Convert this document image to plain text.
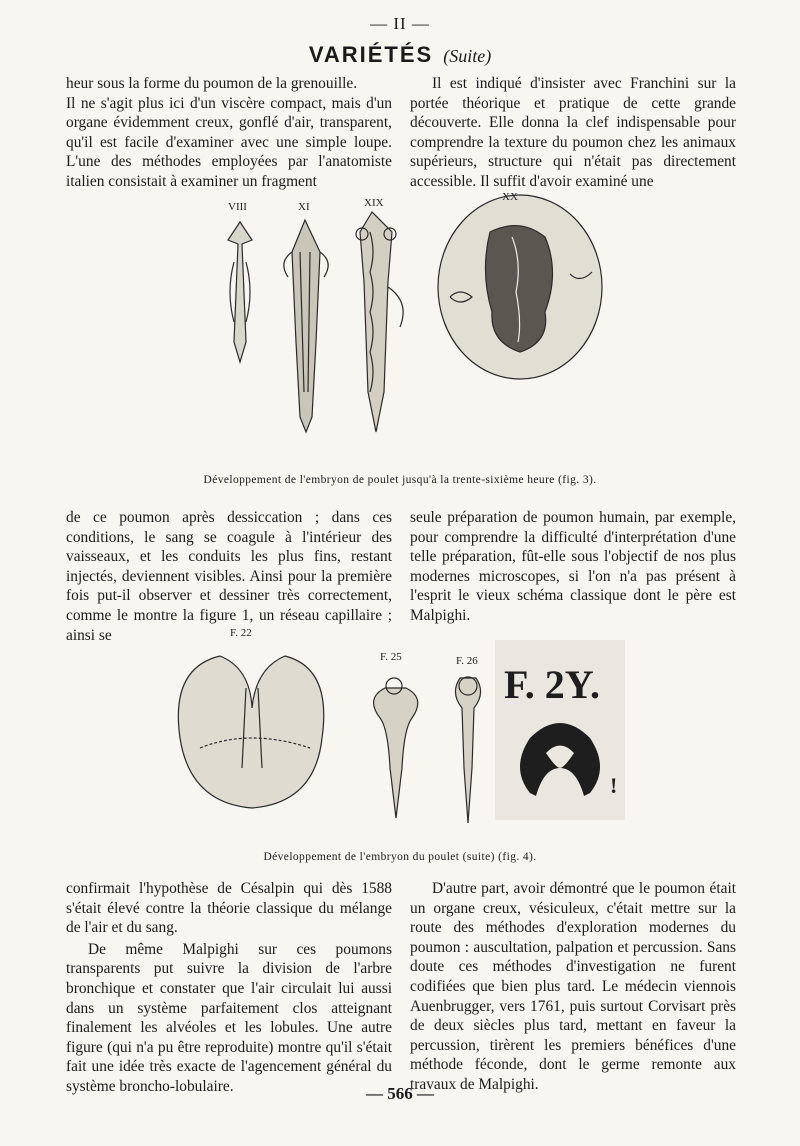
— II —
VARIÉTÉS (Suite)

heur sous la forme du poumon de la grenouille.

Il ne s'agit plus ici d'un viscère compact, mais d'un organe évidemment creux, gonflé d'air, transparent, qu'il est facile d'examiner avec une simple loupe. L'une des méthodes employées par l'anatomiste italien consistait à examiner un fragment

Il est indiqué d'insister avec Franchini sur la portée théorique et pratique de cette grande découverte. Elle donna la clef indispensable pour comprendre la texture du poumon chez les animaux supérieurs, structure qui n'était pas directement accessible. Il suffit d'avoir examiné une

VIII	XI	XIX	XX
Développement de l'embryon de poulet jusqu'à la trente-sixième heure (fig. 3).

de ce poumon après dessiccation ; dans ces conditions, le sang se coagule à l'intérieur des vaisseaux, et les conduits les plus fins, restant injectés, deviennent visibles. Ainsi pour la première fois put-il observer et dessiner très correctement, comme le montre la figure 1, un réseau capillaire ; ainsi se

seule préparation de poumon humain, par exemple, pour comprendre la difficulté d'interprétation d'une telle préparation, fût-elle sous l'objectif de nos plus modernes microscopes, si l'on n'a pas présent à l'esprit le vieux schéma classique dont le père est Malpighi.

!
F. 22
F. 25	F. 26
F. 2Y.
Développement de l'embryon du poulet (suite) (fig. 4).

confirmait l'hypothèse de Césalpin qui dès 1588 s'était élevé contre la théorie classique du mélange de l'air et du sang.

De même Malpighi sur ces poumons transparents put suivre la division de l'arbre bronchique et constater que l'air circulait lui aussi dans un système parfaitement clos atteignant finalement les alvéoles et les lobules. Une autre figure (qui n'a pu être reproduite) montre qu'il s'était fait une idée très exacte de l'agencement général du système broncho-lobulaire.

D'autre part, avoir démontré que le poumon était un organe creux, vésiculeux, c'était mettre sur la route des méthodes d'exploration modernes du poumon : auscultation, palpation et percussion. Sans doute ces méthodes d'investigation ne furent codifiées que bien plus tard. Le médecin viennois Auenbrugger, vers 1761, puis surtout Corvisart près de deux siècles plus tard, mettant en faveur la percussion, tirèrent les premiers bénéfices d'une méthode féconde, dont le germe remonte aux travaux de Malpighi.

— 566 —
